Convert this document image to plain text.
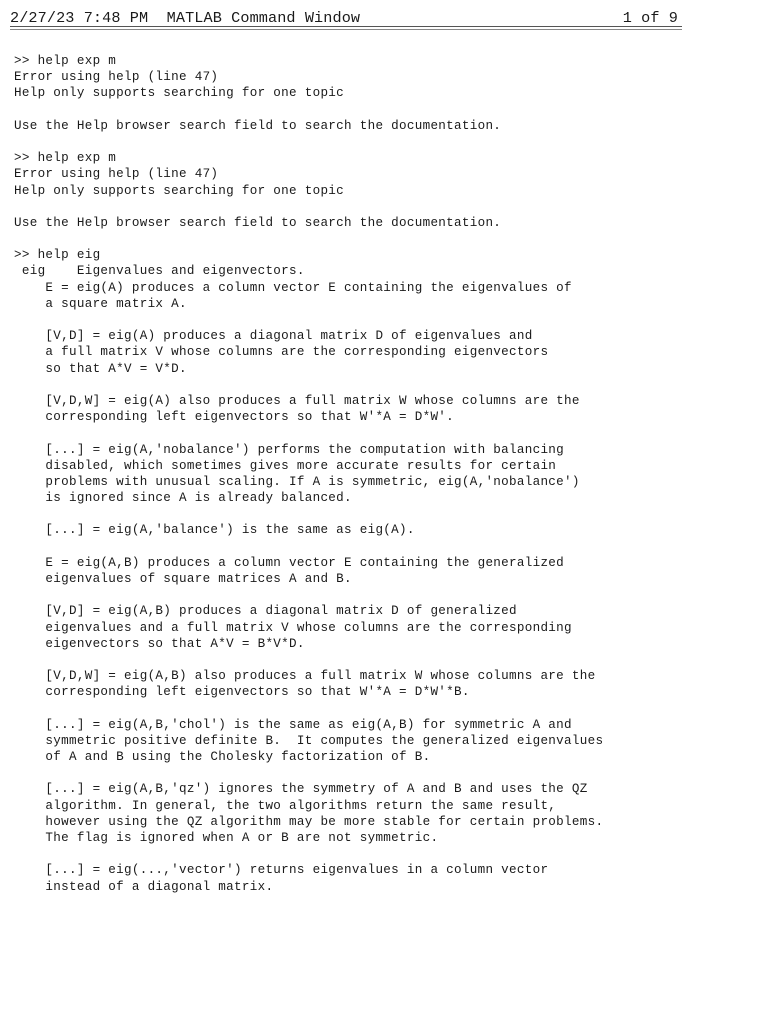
2/27/23 7:48 PM  MATLAB Command Window	1 of 9
>> help exp m
Error using help (line 47)
Help only supports searching for one topic
Use the Help browser search field to search the documentation.
>> help exp m
Error using help (line 47)
Help only supports searching for one topic
Use the Help browser search field to search the documentation.
>> help eig
eig    Eigenvalues and eigenvectors.
E = eig(A) produces a column vector E containing the eigenvalues of
a square matrix A.
[V,D] = eig(A) produces a diagonal matrix D of eigenvalues and
a full matrix V whose columns are the corresponding eigenvectors
so that A*V = V*D.
[V,D,W] = eig(A) also produces a full matrix W whose columns are the
corresponding left eigenvectors so that W'*A = D*W'.
[...] = eig(A,'nobalance') performs the computation with balancing
disabled, which sometimes gives more accurate results for certain
problems with unusual scaling. If A is symmetric, eig(A,'nobalance')
is ignored since A is already balanced.
[...] = eig(A,'balance') is the same as eig(A).
E = eig(A,B) produces a column vector E containing the generalized
eigenvalues of square matrices A and B.
[V,D] = eig(A,B) produces a diagonal matrix D of generalized
eigenvalues and a full matrix V whose columns are the corresponding
eigenvectors so that A*V = B*V*D.
[V,D,W] = eig(A,B) also produces a full matrix W whose columns are the
corresponding left eigenvectors so that W'*A = D*W'*B.
[...] = eig(A,B,'chol') is the same as eig(A,B) for symmetric A and
symmetric positive definite B.  It computes the generalized eigenvalues
of A and B using the Cholesky factorization of B.
[...] = eig(A,B,'qz') ignores the symmetry of A and B and uses the QZ
algorithm. In general, the two algorithms return the same result,
however using the QZ algorithm may be more stable for certain problems.
The flag is ignored when A or B are not symmetric.
[...] = eig(...,'vector') returns eigenvalues in a column vector
instead of a diagonal matrix.
